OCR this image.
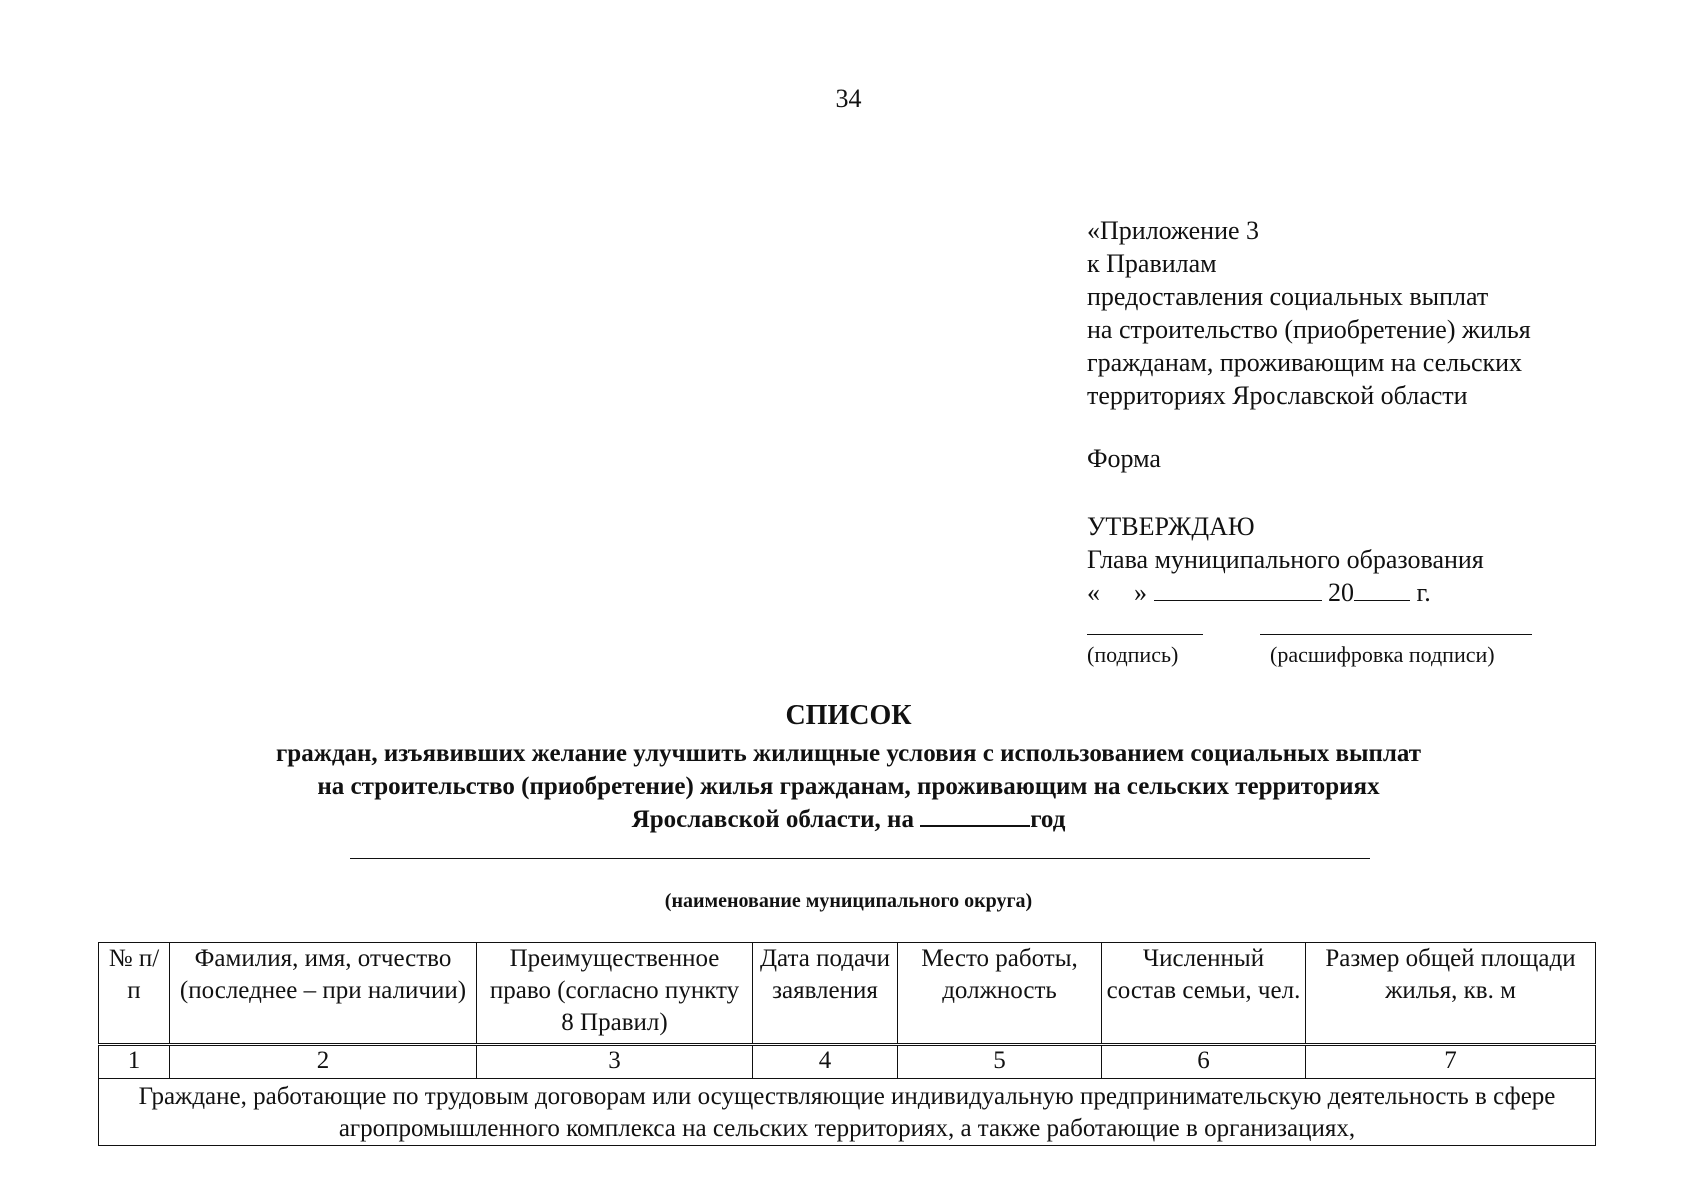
34
«Приложение 3
к Правилам
предоставления социальных выплат
на строительство (приобретение) жилья
гражданам, проживающим на сельских
территориях Ярославской области
Форма
УТВЕРЖДАЮ
Глава муниципального образования
« »	20 г.
(подпись)	(расшифровка подписи)
СПИСОК
граждан, изъявивших желание улучшить жилищные условия с использованием социальных выплат
на строительство (приобретение) жилья гражданам, проживающим на сельских территориях
Ярославской области, на	год
(наименование муниципального округа)
№ п/п	Фамилия, имя, отчество (последнее – при наличии)	Преимущественное право (согласно пункту 8 Правил)	Дата подачи заявления	Место работы, должность	Численный состав семьи, чел.	Размер общей площади жилья, кв. м
1	2	3	4	5	6	7
Граждане, работающие по трудовым договорам или осуществляющие индивидуальную предпринимательскую деятельность в сфере агропромышленного комплекса на сельских территориях, а также работающие в организациях,						
